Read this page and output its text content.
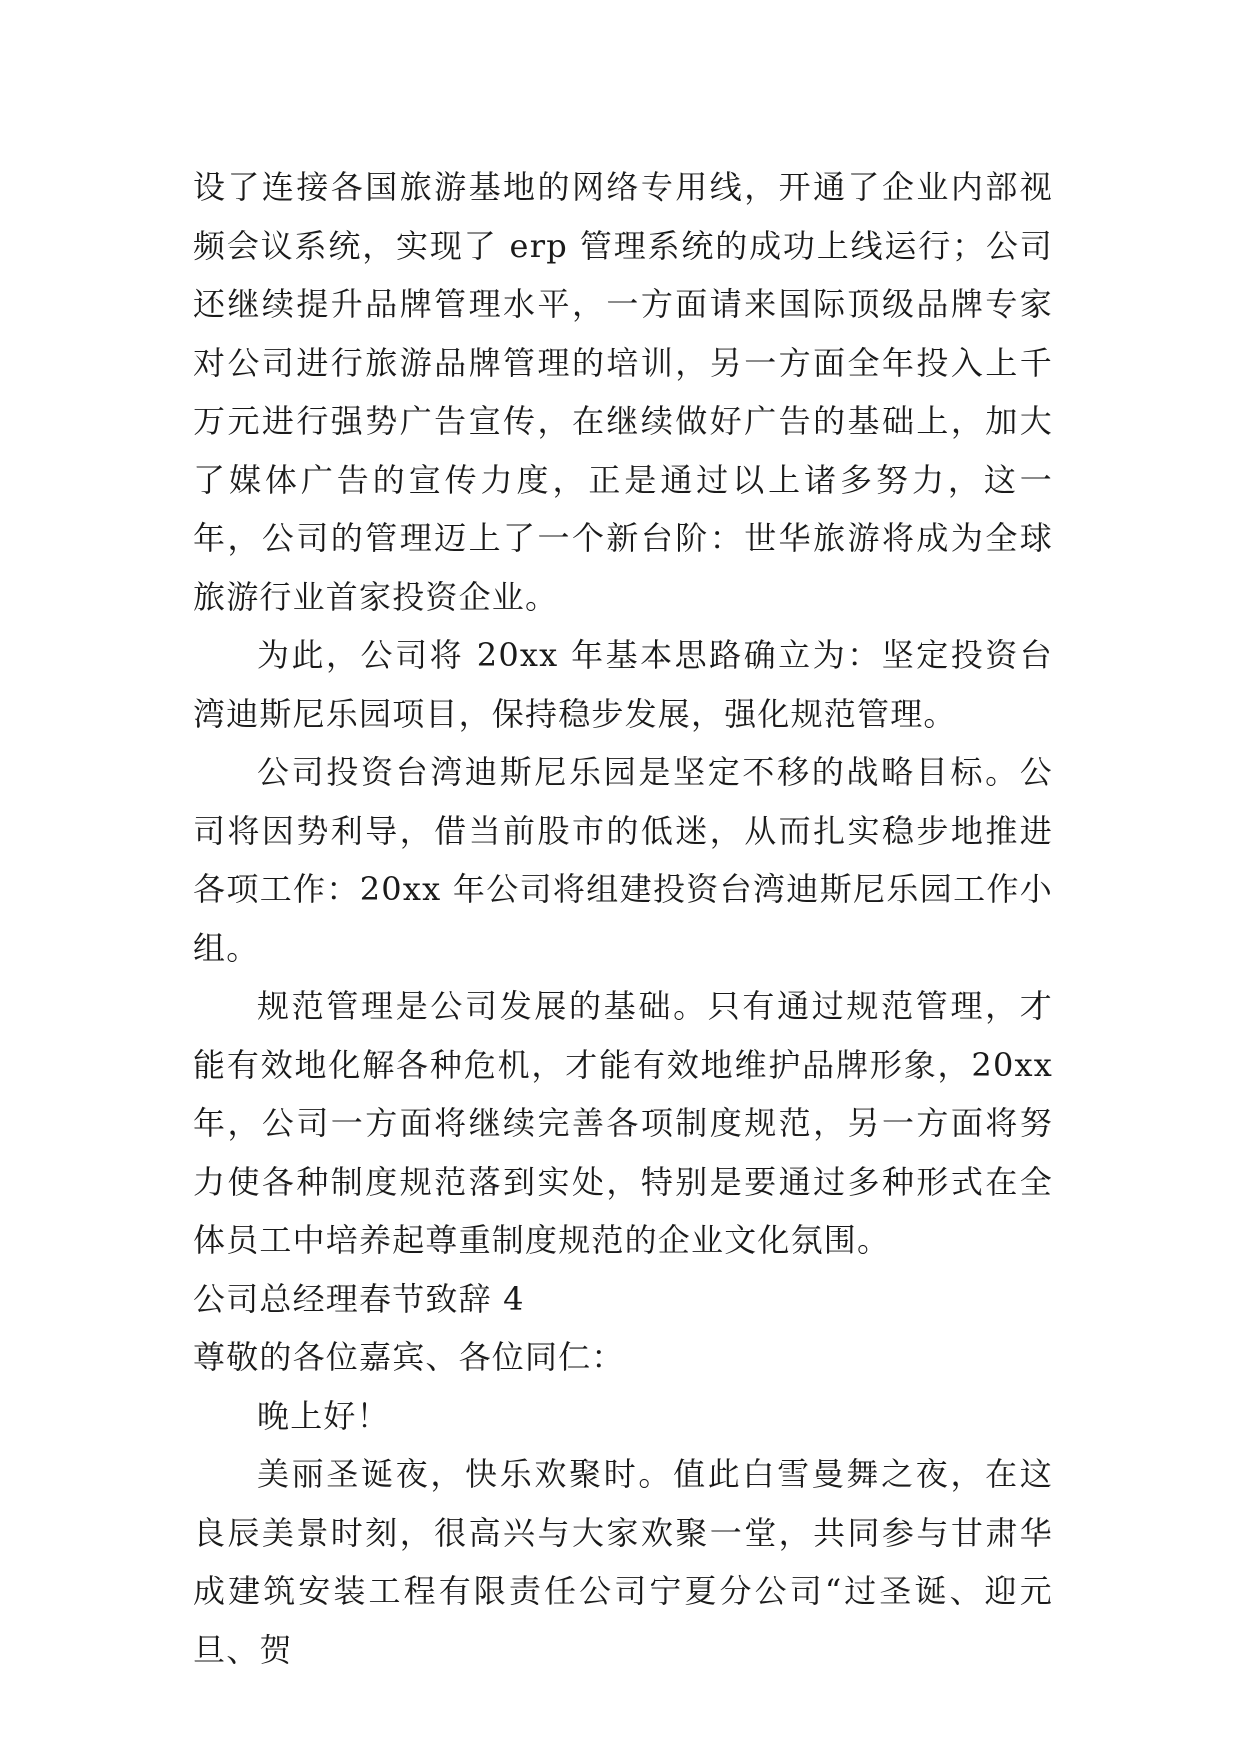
设了连接各国旅游基地的网络专用线，开通了企业内部视频会议系统，实现了 erp 管理系统的成功上线运行；公司还继续提升品牌管理水平，一方面请来国际顶级品牌专家对公司进行旅游品牌管理的培训，另一方面全年投入上千万元进行强势广告宣传，在继续做好广告的基础上，加大了媒体广告的宣传力度，正是通过以上诸多努力，这一年，公司的管理迈上了一个新台阶：世华旅游将成为全球旅游行业首家投资企业。

为此，公司将 20xx 年基本思路确立为：坚定投资台湾迪斯尼乐园项目，保持稳步发展，强化规范管理。

公司投资台湾迪斯尼乐园是坚定不移的战略目标。公司将因势利导，借当前股市的低迷，从而扎实稳步地推进各项工作：20xx 年公司将组建投资台湾迪斯尼乐园工作小组。

规范管理是公司发展的基础。只有通过规范管理，才能有效地化解各种危机，才能有效地维护品牌形象，20xx 年，公司一方面将继续完善各项制度规范，另一方面将努力使各种制度规范落到实处，特别是要通过多种形式在全体员工中培养起尊重制度规范的企业文化氛围。

公司总经理春节致辞 4

尊敬的各位嘉宾、各位同仁：

晚上好！

美丽圣诞夜，快乐欢聚时。值此白雪曼舞之夜，在这良辰美景时刻，很高兴与大家欢聚一堂，共同参与甘肃华成建筑安装工程有限责任公司宁夏分公司“过圣诞、迎元旦、贺
